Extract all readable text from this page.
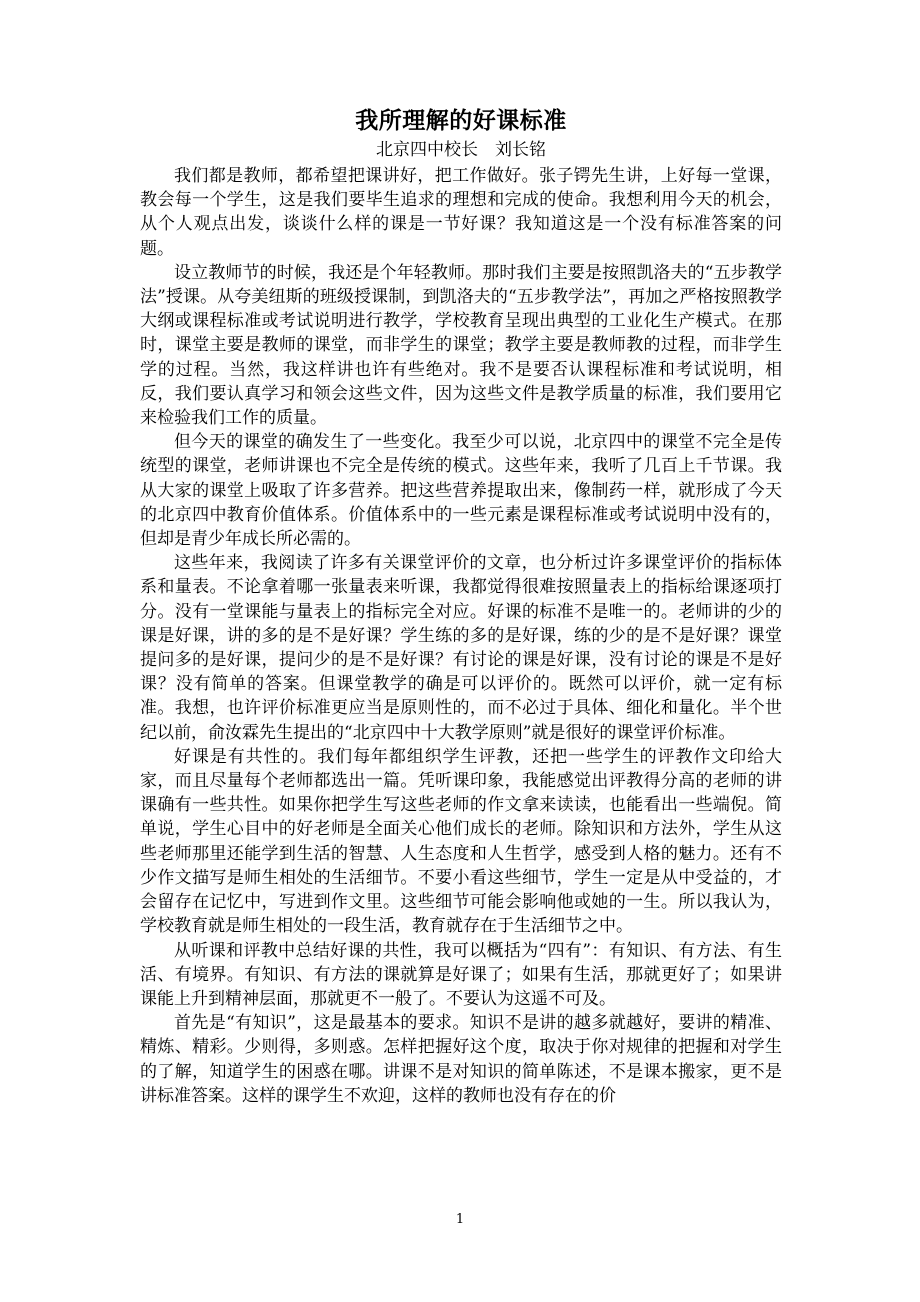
我所理解的好课标准

北京四中校长　刘长铭

我们都是教师，都希望把课讲好，把工作做好。张子锷先生讲，上好每一堂课，教会每一个学生，这是我们要毕生追求的理想和完成的使命。我想利用今天的机会，从个人观点出发，谈谈什么样的课是一节好课？我知道这是一个没有标准答案的问题。

设立教师节的时候，我还是个年轻教师。那时我们主要是按照凯洛夫的“五步教学法”授课。从夸美纽斯的班级授课制，到凯洛夫的“五步教学法”，再加之严格按照教学大纲或课程标准或考试说明进行教学，学校教育呈现出典型的工业化生产模式。在那时，课堂主要是教师的课堂，而非学生的课堂；教学主要是教师教的过程，而非学生学的过程。当然，我这样讲也许有些绝对。我不是要否认课程标准和考试说明，相反，我们要认真学习和领会这些文件，因为这些文件是教学质量的标准，我们要用它来检验我们工作的质量。

但今天的课堂的确发生了一些变化。我至少可以说，北京四中的课堂不完全是传统型的课堂，老师讲课也不完全是传统的模式。这些年来，我听了几百上千节课。我从大家的课堂上吸取了许多营养。把这些营养提取出来，像制药一样，就形成了今天的北京四中教育价值体系。价值体系中的一些元素是课程标准或考试说明中没有的，但却是青少年成长所必需的。

这些年来，我阅读了许多有关课堂评价的文章，也分析过许多课堂评价的指标体系和量表。不论拿着哪一张量表来听课，我都觉得很难按照量表上的指标给课逐项打分。没有一堂课能与量表上的指标完全对应。好课的标准不是唯一的。老师讲的少的课是好课，讲的多的是不是好课？学生练的多的是好课，练的少的是不是好课？课堂提问多的是好课，提问少的是不是好课？有讨论的课是好课，没有讨论的课是不是好课？没有简单的答案。但课堂教学的确是可以评价的。既然可以评价，就一定有标准。我想，也许评价标准更应当是原则性的，而不必过于具体、细化和量化。半个世纪以前，俞汝霖先生提出的“北京四中十大教学原则”就是很好的课堂评价标准。

好课是有共性的。我们每年都组织学生评教，还把一些学生的评教作文印给大家，而且尽量每个老师都选出一篇。凭听课印象，我能感觉出评教得分高的老师的讲课确有一些共性。如果你把学生写这些老师的作文拿来读读，也能看出一些端倪。简单说，学生心目中的好老师是全面关心他们成长的老师。除知识和方法外，学生从这些老师那里还能学到生活的智慧、人生态度和人生哲学，感受到人格的魅力。还有不少作文描写是师生相处的生活细节。不要小看这些细节，学生一定是从中受益的，才会留存在记忆中，写进到作文里。这些细节可能会影响他或她的一生。所以我认为，学校教育就是师生相处的一段生活，教育就存在于生活细节之中。

从听课和评教中总结好课的共性，我可以概括为“四有”：有知识、有方法、有生活、有境界。有知识、有方法的课就算是好课了；如果有生活，那就更好了；如果讲课能上升到精神层面，那就更不一般了。不要认为这遥不可及。

首先是“有知识”，这是最基本的要求。知识不是讲的越多就越好，要讲的精准、精炼、精彩。少则得，多则惑。怎样把握好这个度，取决于你对规律的把握和对学生的了解，知道学生的困惑在哪。讲课不是对知识的简单陈述，不是课本搬家，更不是讲标准答案。这样的课学生不欢迎，这样的教师也没有存在的价

1
